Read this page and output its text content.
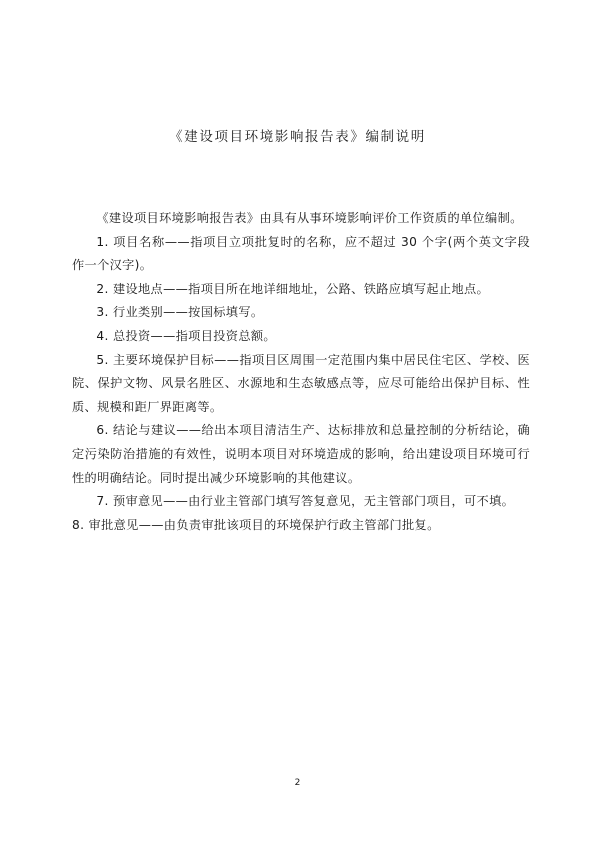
《建设项目环境影响报告表》编制说明

《建设项目环境影响报告表》由具有从事环境影响评价工作资质的单位编制。

1. 项目名称——指项目立项批复时的名称，应不超过 30 个字(两个英文字段作一个汉字)。

2. 建设地点——指项目所在地详细地址，公路、铁路应填写起止地点。

3. 行业类别——按国标填写。

4. 总投资——指项目投资总额。

5. 主要环境保护目标——指项目区周围一定范围内集中居民住宅区、学校、医院、保护文物、风景名胜区、水源地和生态敏感点等，应尽可能给出保护目标、性质、规模和距厂界距离等。

6. 结论与建议——给出本项目清洁生产、达标排放和总量控制的分析结论，确定污染防治措施的有效性，说明本项目对环境造成的影响，给出建设项目环境可行性的明确结论。同时提出减少环境影响的其他建议。

7. 预审意见——由行业主管部门填写答复意见，无主管部门项目，可不填。

8. 审批意见——由负责审批该项目的环境保护行政主管部门批复。

2
